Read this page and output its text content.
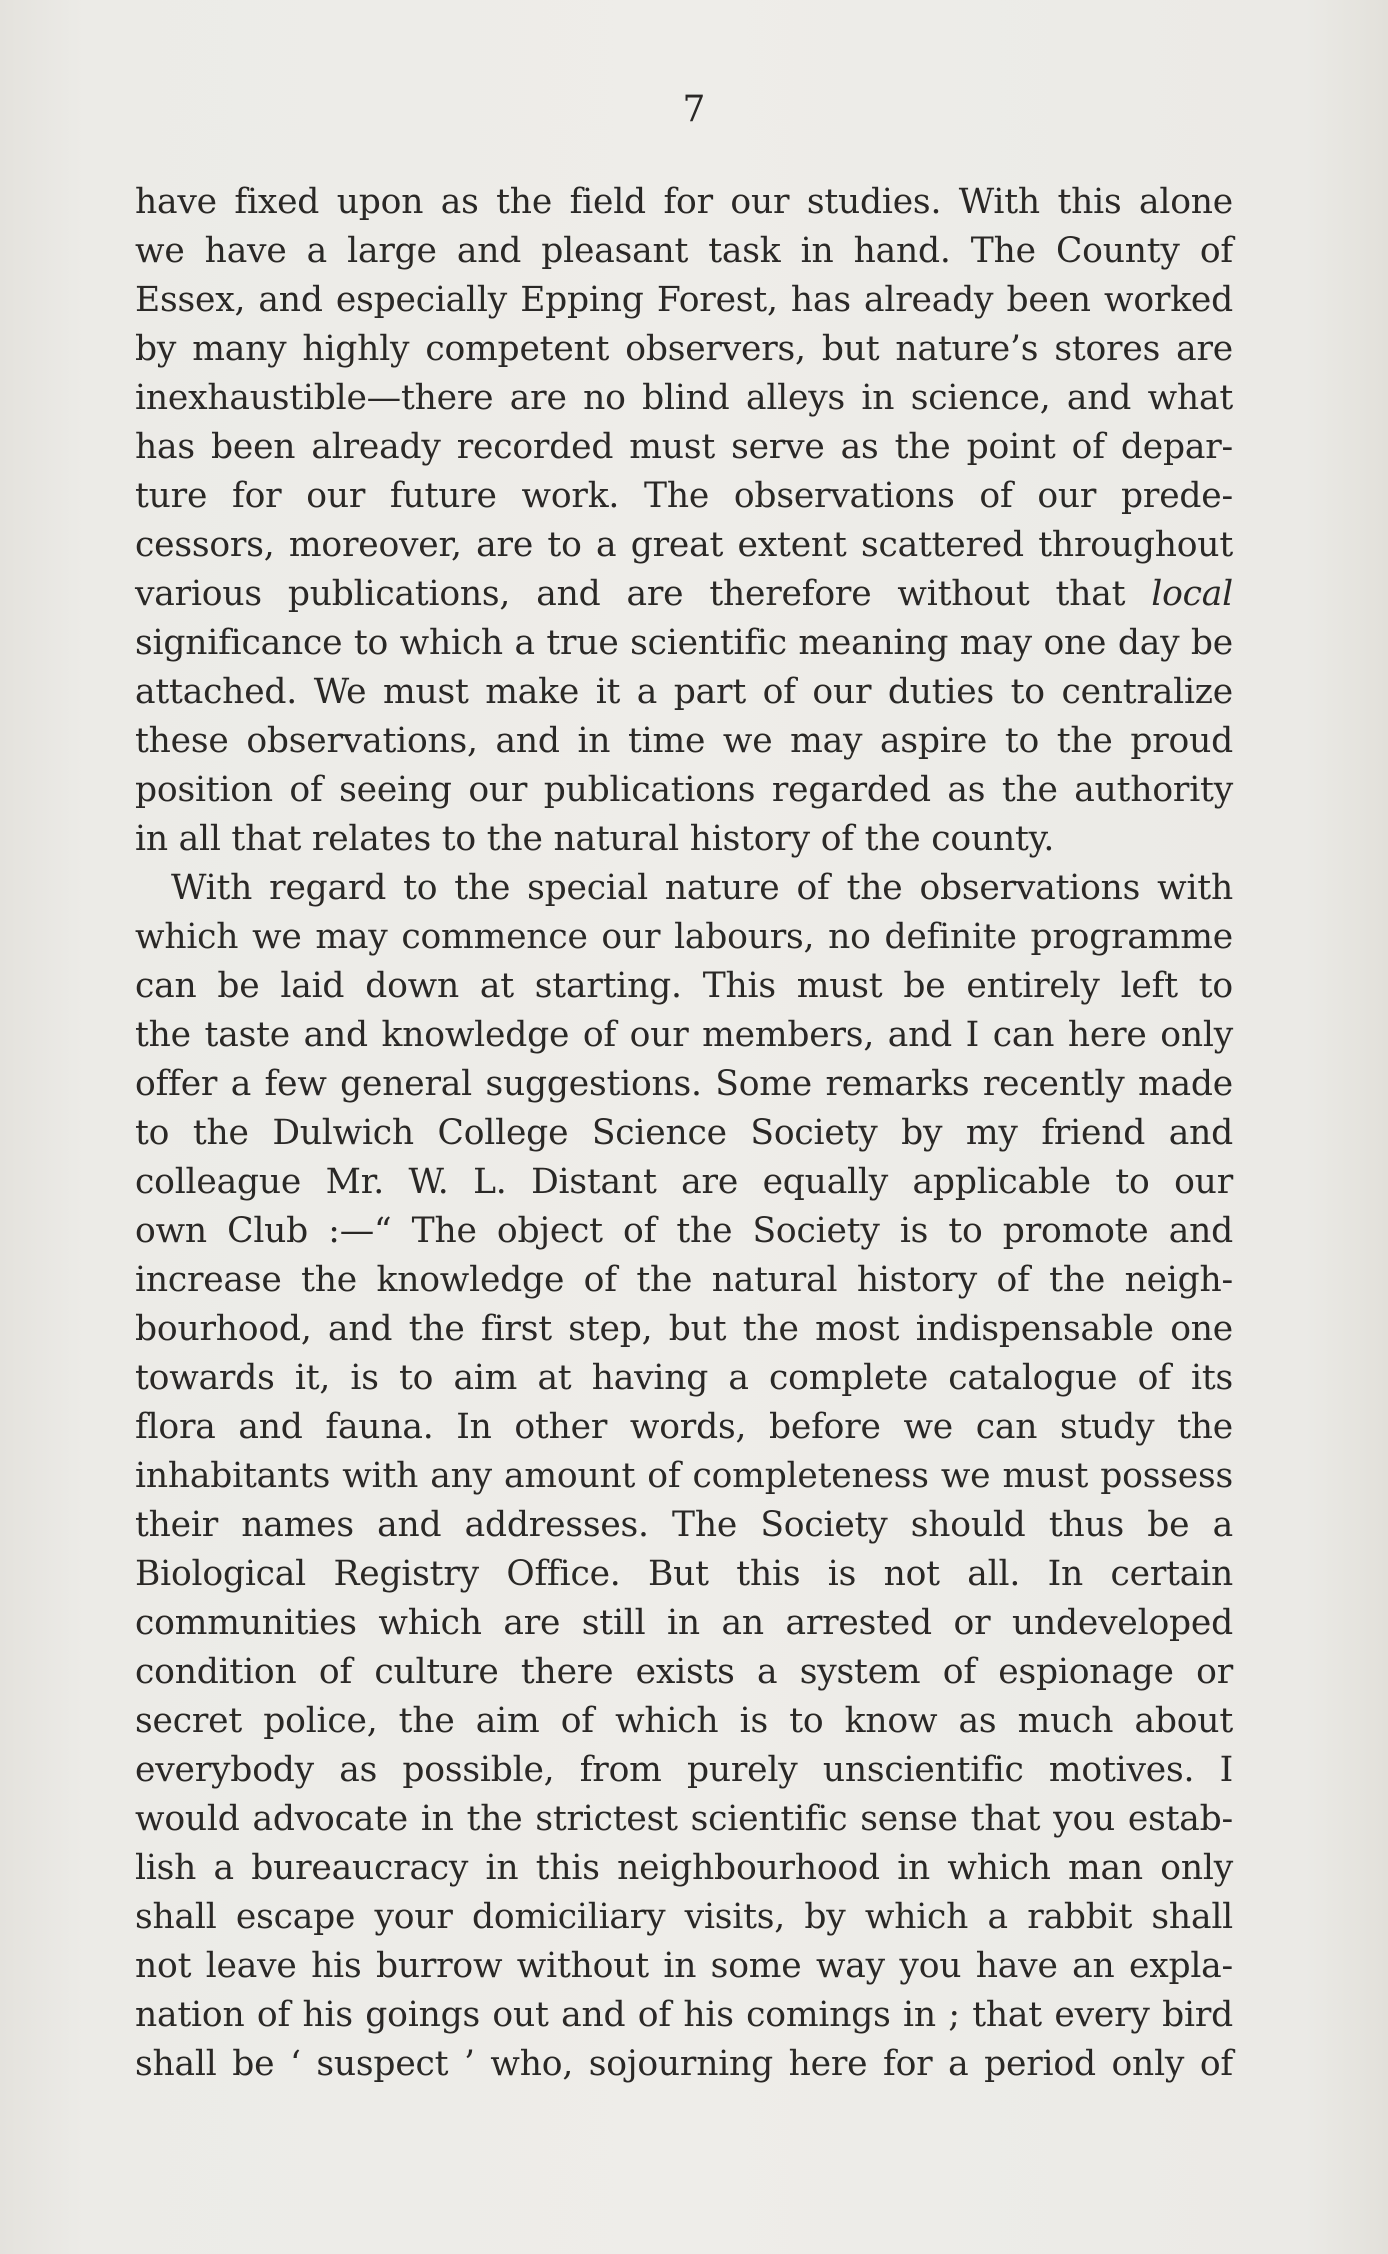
7
have fixed upon as the field for our studies. With this alone
we have a large and pleasant task in hand. The County of
Essex, and especially Epping Forest, has already been worked
by many highly competent observers, but nature’s stores are
inexhaustible—there are no blind alleys in science, and what
has been already recorded must serve as the point of depar-
ture for our future work. The observations of our prede-
cessors, moreover, are to a great extent scattered throughout
various publications, and are therefore without that local
significance to which a true scientific meaning may one day be
attached. We must make it a part of our duties to centralize
these observations, and in time we may aspire to the proud
position of seeing our publications regarded as the authority
in all that relates to the natural history of the county.
With regard to the special nature of the observations with
which we may commence our labours, no definite programme
can be laid down at starting. This must be entirely left to
the taste and knowledge of our members, and I can here only
offer a few general suggestions. Some remarks recently made
to the Dulwich College Science Society by my friend and
colleague Mr. W. L. Distant are equally applicable to our
own Club :—“ The object of the Society is to promote and
increase the knowledge of the natural history of the neigh-
bourhood, and the first step, but the most indispensable one
towards it, is to aim at having a complete catalogue of its
flora and fauna. In other words, before we can study the
inhabitants with any amount of completeness we must possess
their names and addresses. The Society should thus be a
Biological Registry Office. But this is not all. In certain
communities which are still in an arrested or undeveloped
condition of culture there exists a system of espionage or
secret police, the aim of which is to know as much about
everybody as possible, from purely unscientific motives. I
would advocate in the strictest scientific sense that you estab-
lish a bureaucracy in this neighbourhood in which man only
shall escape your domiciliary visits, by which a rabbit shall
not leave his burrow without in some way you have an expla-
nation of his goings out and of his comings in ; that every bird
shall be ‘ suspect ’ who, sojourning here for a period only of
